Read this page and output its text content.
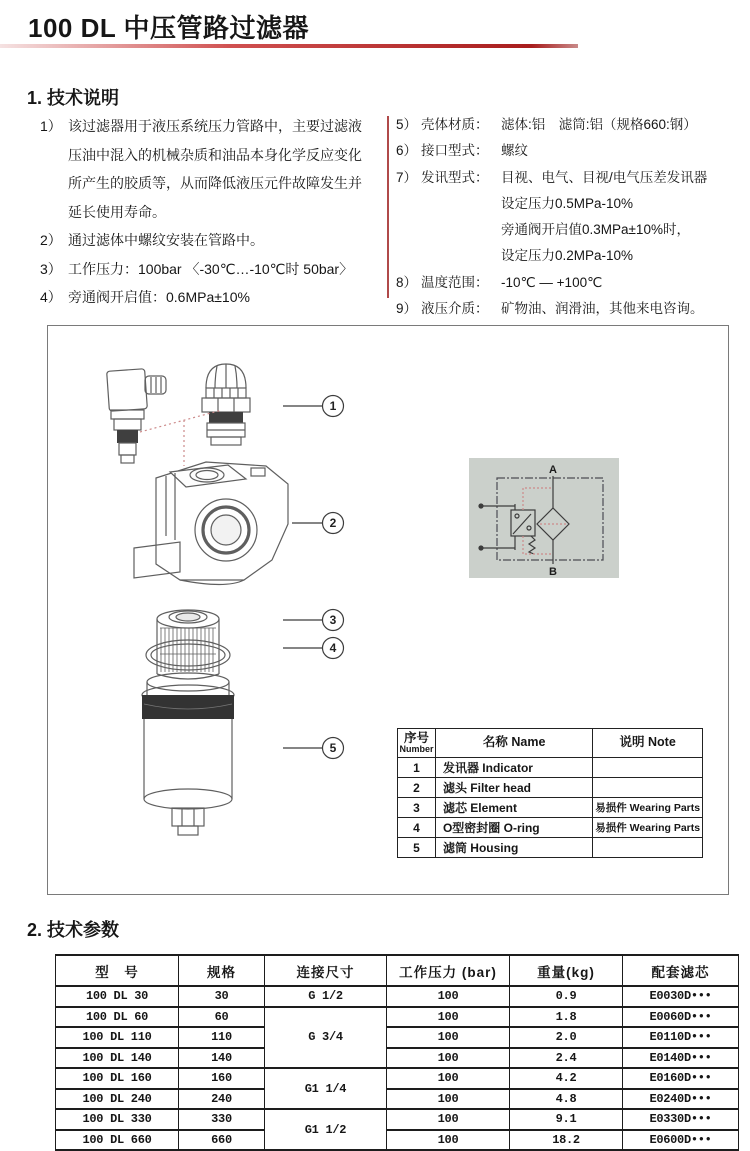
100 DL 中压管路过滤器
1. 技术说明
1） 该过滤器用于液压系统压力管路中，主要过滤液压油中混入的机械杂质和油品本身化学反应变化所产生的胶质等，从而降低液压元件故障发生并延长使用寿命。
2） 通过滤体中螺纹安装在管路中。
3） 工作压力：100bar 〈-30℃…-10℃时 50bar〉
4） 旁通阀开启值：0.6MPa±10%
5） 壳体材质： 滤体:铝　滤筒:铝（规格660:钢）
6） 接口型式： 螺纹
7） 发讯型式： 目视、电气、目视/电气压差发讯器
设定压力0.5MPa-10%
旁通阀开启值0.3MPa±10%时，
设定压力0.2MPa-10%
8） 温度范围： -10℃ — +100℃
9） 液压介质： 矿物油、润滑油，其他来电咨询。
1
2
3
4
5
A
B
序号
Number	名称 Name	说明 Note
1	发讯器 Indicator	
2	滤头 Filter head	
3	滤芯 Element	易损件 Wearing Parts
4	O型密封圈 O-ring	易损件 Wearing Parts
5	滤筒 Housing	
2. 技术参数
型　号	规格	连接尺寸	工作压力 (bar)	重量(kg)	配套滤芯
100 DL 30	30	G 1/2	100	0.9	E0030D•••
100 DL 60	60	G 3/4	100	1.8	E0060D•••
100 DL 110	110		100	2.0	E0110D•••
100 DL 140	140		100	2.4	E0140D•••
100 DL 160	160	G1 1/4	100	4.2	E0160D•••
100 DL 240	240		100	4.8	E0240D•••
100 DL 330	330	G1 1/2	100	9.1	E0330D•••
100 DL 660	660		100	18.2	E0600D•••
